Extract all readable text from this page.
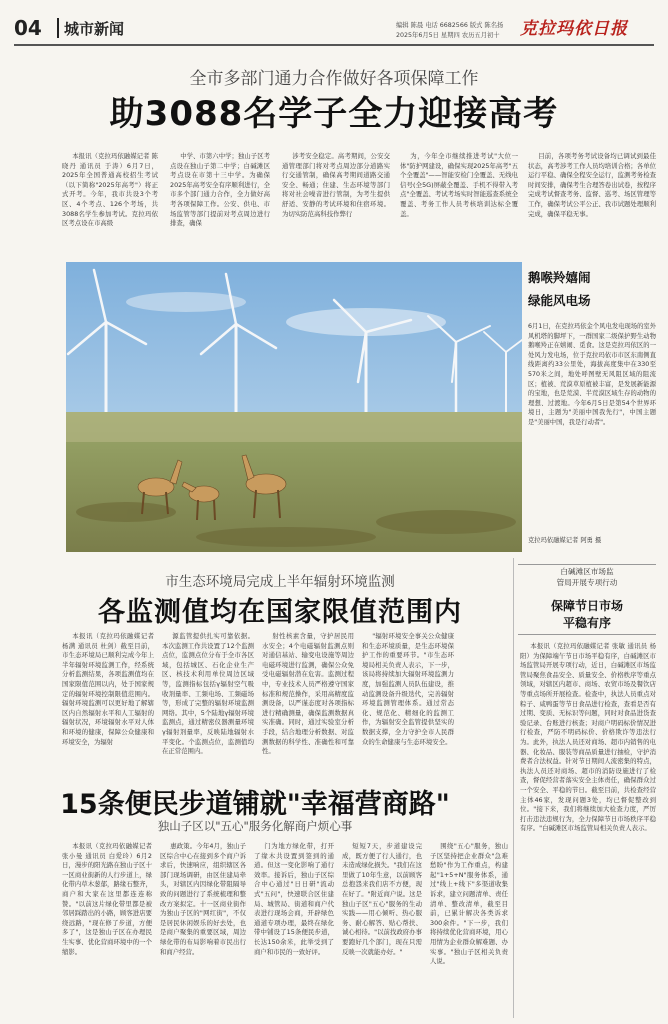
04 城市新闻	编辑 陈晨 电话 6682566 版式 陈名扬
2025年6月5日 星期四 农历五月初十 克拉玛依日报
全市多部门通力合作做好各项保障工作
助3088名学子全力迎接高考

本报讯（克拉玛依融媒记者 陈晓丹 通讯员 于涛）6月7日，2025年全国普通高校招生考试（以下简称"2025年高考"）将正式开考。今年，我市共设3个考区、4个考点、126个考场，共3088名学生参加考试。克拉玛依区考点设在市高级

中学、市第六中学；独山子区考点设在独山子第二中学；白碱滩区考点设在市第十三中学。为确保2025年高考安全有序顺利进行，全市多个部门通力合作，全力做好高考各项保障工作。公安、供电、市场监管等部门提前对考点周边进行排查，确保

涉考安全稳定。高考期间，公安交通管理部门将对考点周边部分道路实行交通管制，确保高考期间道路交通安全、畅通；住建、生态环境等部门将对社会噪音进行管制，为考生提供舒适、安静的考试环境和住宿环境。为切实防范高科技作弊行

为，今年全市继续推进考试"大位一体"防护网建设，确保实现2025年高考"五个全覆盖"——智能安检门全覆盖、无线电信号(全5G)屏蔽全覆盖、手机不得带入考点"全覆盖、考试考场实时智能巡查系统全覆盖、考务工作人员考核培训达标全覆盖。

目前，各项考务考试设备均已调试到最佳状态，高考涉考工作人员均培训合格；各单位运行平稳、确保全程安全运行，监测考务检查时间安排，确保考生合理答卷出试卷，按程序完成考试督查考务、监督、巡考、场区管理等工作，确保考试公平公正、我市试题处理顺利完成，确保平稳无事。

鹅喉羚嬉闹
绿能风电场
6月1日，在克拉玛依金个风电发电现场的室外风机塔的脚坪下，一群国家二级保护野生动物鹅喉羚正在嬉闹、觅食。这是克拉玛依区的一处风力发电场，位于克拉玛依市市区东南侧直线距离约33公里处，海拔高度集中在330至570米之间，地处呼图壁无风阻区域的阻流区；植被、荒漠草原植被丰富，是发展新能源的宝地，也是荒漠、半荒漠区域生存的动物的理想、过渡地。今年6月5日是第54个世界环境日，主题为"美丽中国我先行"，中国主题是"美丽中国，我是行动者"。
克拉玛依融媒记者 阿勇 摄
市生态环境局完成上半年辐射环境监测
各监测值均在国家限值范围内

本报讯（克拉玛依融媒记者 杨满 通讯员 杜剑）截至目前，市生态环境局已顺利完成今年上半年辐射环境监测工作，经系统分析监测结果，各项监测值均在国家限值范围以内，处于国家规定的辐射环境控制限值范围内。辐射环境监测可以更好地了解辖区内自然辐射水平和人工辐射的辐射状况，环境辐射水平对人体和环境的健康，保障公众健康和环境安全，为辐射

源监管提供扎实可靠依据。本次监测工作共设置了12个监测点位，监测点位分布于全市各区域，包括城区、石化企业生产区、核技术利用单位周边区域等，监测指标包括γ辐射空气吸收剂量率、工频电场、工频磁场等，形成了完整的辐射环境监测网络。其中，5个陆地γ辐射环境监测点，通过精密仪器测量环境γ辐射剂量率，反映陆地辐射水平变化。个监测点位，监测值均在正常范围内。

射性核素含量，守护居民用水安全；4个电磁辐射监测点则对通信基站、输变电设施等周边电磁环境进行监测，确保公众免受电磁辐射潜在危害。监测过程中，专业技术人员严格遵守国家标准和规范操作，采用高精度监测设备，以严谨态度对各项指标进行精确测量，确保监测数据真实准确。同时，通过实验室分析手段，结合地理分析数据、对监测数据的科学性、准确性和可靠性。

"辐射环境安全事关公众健康和生态环境质量，是生态环境保护工作的重要环节。"市生态环境局相关负责人表示，下一步，该局将持续加大辐射环境监测力度，加强监测人员队伍建设，推动监测设备升级迭代，完善辐射环境监测管理体系。通过常态化、规范化、精细化的监测工作，为辐射安全监管提供坚实的数据支撑，全力守护全市人民群众的生命健康与生态环境安全。

白碱滩区市场监
管局开展专项行动
保障节日市场
平稳有序

本报讯（克拉玛依融媒记者 张敏 通讯员 杨阳）为保障端午节日市场平稳有序，白碱滩区市场监管局开展专项行动，近日，白碱滩区市场监管局聚焦食品安全、质量安全、价格秩序等重点领域，对辖区内超市、商场、农贸市场及餐饮店等重点场所开展检查。检查中，执法人员重点对粽子、咸鸭蛋等节日食品进行检查，查看是否有过期、变质、无标识等问题，同时对食品进货查验记录、台账进行核查；对商户明码标价情况进行检查，严防不明码标价、价格欺诈等违法行为。此外，执法人员还对商场、超市内销售的电器、化妆品、服装等商品质量进行抽检，守护消费者合法权益。针对节日期间人流密集的特点，执法人员还对商场、超市的消防设施进行了检查，督促经营者落实安全主体责任，确保群众过一个安全、平稳的节日。截至目前，共检查经营主体46家，发现问题3处，均已督促整改到位。"接下来，我们将继续加大检查力度，严厉打击违法违规行为，全力保障节日市场秩序平稳有序。"白碱滩区市场监管局相关负责人表示。

15条便民步道铺就"幸福营商路"
独山子区以"五心"服务化解商户烦心事

本报讯（克拉玛依融媒记者 张小曼 通讯员 白爱玲）6月2日，漫步的阳光路在独山子区十一区商业街新的人行步道上，绿化带内草木葱郁，路缘石整齐，商户和大家在这里都连连称赞。"以前这片绿化带里都是被邻居踩踏出的小路，顾客进店要绕远路，"现在修了步道，方便多了"，这是独山子区在办理民生实事、优化营商环境中的一个缩影。

惠政策。今年4月，独山子区综合中心在接到多个商户诉求后，快速响应，组织辖区各部门现场调研，由区住建局牵头，对辖区内因绿化带阻隔导致的问题进行了系统梳理和整改方案拟定。十一区商业街作为独山子区的"网红街"，不仅是居民休闲娱乐的好去处，也是商户聚集的重要区域，周边绿化带的布局影响着市民出行和商户经营。

门为地方绿化带，打开了缘木共设置到签到的通道。但这一变化影响了通行效率。接诉后，独山子区综合中心通过"日日研"流动式"五问"，快速联合区住建局、城管局、街道和商户代表进行现场会商，开辟绿色通道专项办理，最终在绿化带中铺设了15条便民步道，长达150余米，此举受到了商户和市民的一致好评。

短短7天，步道建设完成，既方便了行人通行，也未造成绿化损失。"我们在这里做了10年生意，以前顾客总抱怨来我们店不方便，现在好了。"附近商户说。这是独山子区"五心"服务的生动实践——用心倾听、热心服务、耐心解答、贴心帮扶、诚心相待。"以前找政府办事要跑好几个部门，现在只需反映一次就能办好。"

围绕"五心"服务，独山子区坚持把企业群众"急难愁盼"作为工作重点，构建起"1+5+N"服务体系，通过"线上+线下"多渠道收集诉求，建立问题清单、责任清单、整改清单，截至目前，已累计解决各类诉求300余件。"下一步，我们将持续优化营商环境，用心用情为企业群众解难题、办实事。"独山子区相关负责人说。
